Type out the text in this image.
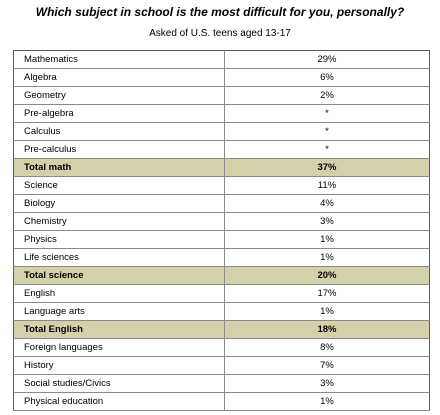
Which subject in school is the most difficult for you, personally?
Asked of U.S. teens aged 13-17
Mathematics	29%
Algebra	6%
Geometry	2%
Pre-algebra	*
Calculus	*
Pre-calculus	*
Total math	37%
Science	11%
Biology	4%
Chemistry	3%
Physics	1%
Life sciences	1%
Total science	20%
English	17%
Language arts	1%
Total English	18%
Foreign languages	8%
History	7%
Social studies/Civics	3%
Physical education	1%
